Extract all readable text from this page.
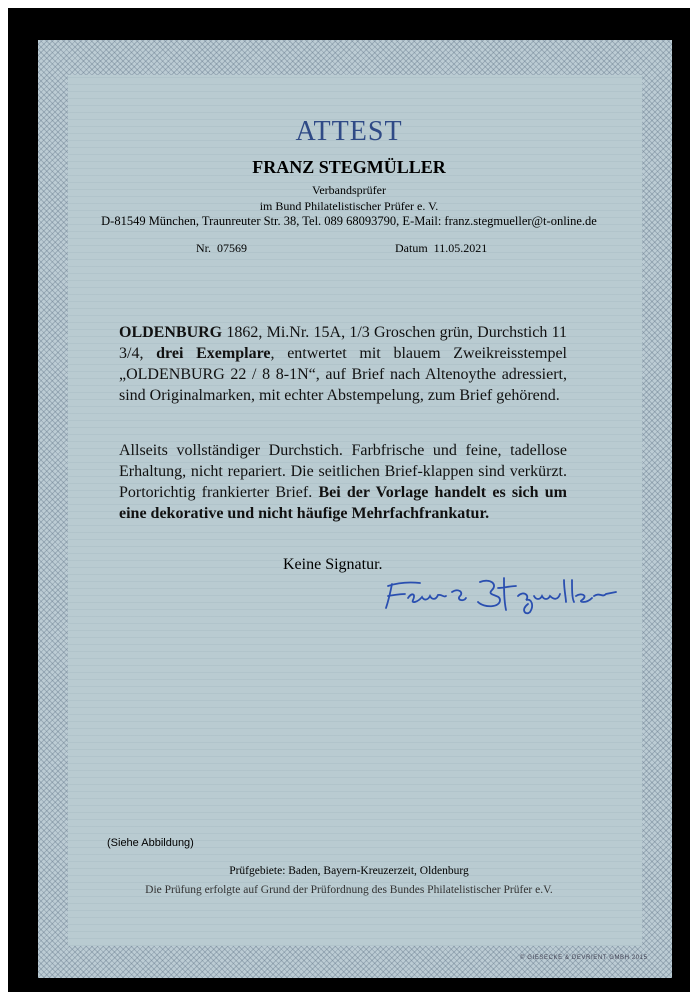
ATTEST
FRANZ STEGMÜLLER
Verbandsprüfer
im Bund Philatelistischer Prüfer e. V.
D-81549 München, Traunreuter Str. 38, Tel. 089 68093790, E-Mail: franz.stegmueller@t-online.de
Nr. 07569	Datum 11.05.2021
OLDENBURG 1862, Mi.Nr. 15A, 1/3 Groschen grün, Durchstich 11 3/4, drei Exemplare, entwertet mit blauem Zweikreisstempel „OLDENBURG 22 / 8 8-1N“, auf Brief nach Altenoythe adressiert, sind Originalmarken, mit echter Abstempelung, zum Brief gehörend.
Allseits vollständiger Durchstich. Farbfrische und feine, tadellose Erhaltung, nicht repariert. Die seitlichen Brief-klappen sind verkürzt. Portorichtig frankierter Brief. Bei der Vorlage handelt es sich um eine dekorative und nicht häufige Mehrfachfrankatur.
Keine Signatur.
(Siehe Abbildung)
Prüfgebiete: Baden, Bayern-Kreuzerzeit, Oldenburg
Die Prüfung erfolgte auf Grund der Prüfordnung des Bundes Philatelistischer Prüfer e.V.
© GIESECKE & DEVRIENT GMBH 2015
